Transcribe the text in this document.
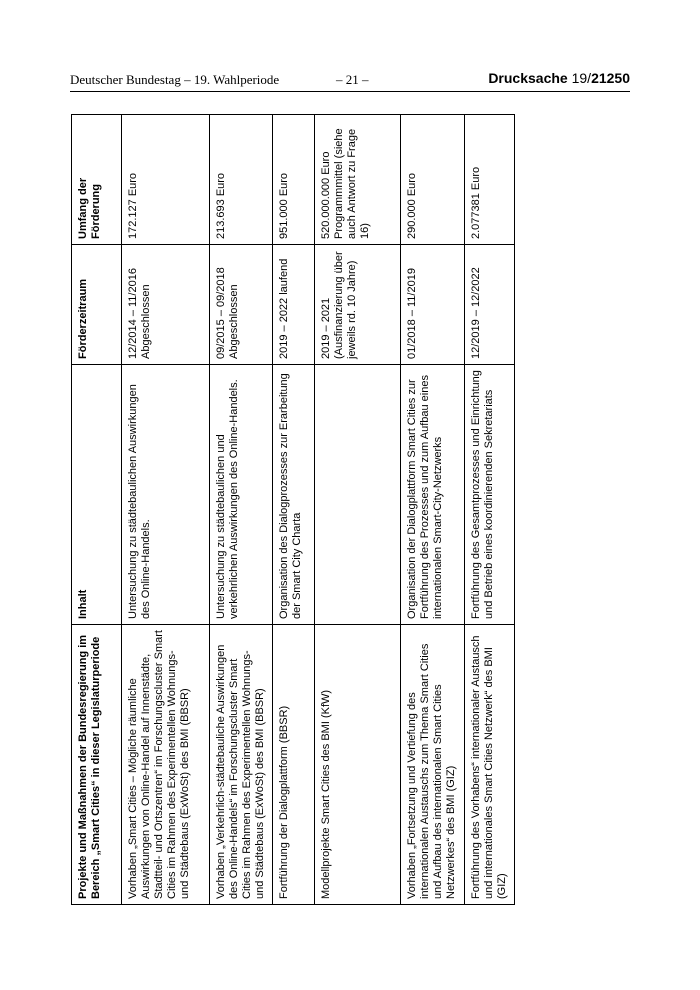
Deutscher Bundestag – 19. Wahlperiode	– 21 –	Drucksache 19/21250
Projekte und Maßnahmen der Bundesregierung im Bereich „Smart Cities“ in dieser Legislaturperiode	Inhalt	Förderzeitraum	Umfang der Förderung
Vorhaben „Smart Cities – Mögliche räumliche Auswirkungen von Online-Handel auf Innenstädte, Stadtteil- und Ortszentren“ im Forschungscluster Smart Cities im Rahmen des Experimentellen Wohnungs- und Städtebaus (ExWoSt) des BMI (BBSR)	Untersuchung zu städtebaulichen Auswirkungen des Online-Handels.	12/2014 – 11/2016 Abgeschlossen	172.127 Euro
Vorhaben „Verkehrlich-städtebauliche Auswirkungen des Online-Handels“ im Forschungscluster Smart Cities im Rahmen des Experimentellen Wohnungs- und Städtebaus (ExWoSt) des BMI (BBSR)	Untersuchung zu städtebaulichen und verkehrlichen Auswirkungen des Online-Handels.	09/2015 – 09/2018 Abgeschlossen	213.693 Euro
Fortführung der Dialogplattform (BBSR)	Organisation des Dialogprozesses zur Erarbeitung der Smart City Charta	2019 – 2022 laufend	951.000 Euro
Modellprojekte Smart Cities des BMI (KfW)		2019 – 2021 (Ausfinanzierung über jeweils rd. 10 Jahre)	520.000.000 Euro Programmmittel (siehe auch Antwort zu Frage 16)
Vorhaben „Fortsetzung und Vertiefung des internationalen Austauschs zum Thema Smart Cities und Aufbau des internationalen Smart Cities Netzwerkes“ des BMI (GIZ)	Organisation der Dialogplattform Smart Cities zur Fortführung des Prozesses und zum Aufbau eines internationalen Smart-City-Netzwerks	01/2018 – 11/2019	290.000 Euro
Fortführung des Vorhabens“ internationaler Austausch und internationales Smart Cities Netzwerk“ des BMI (GIZ)	Fortführung des Gesamtprozesses und Einrichtung und Betrieb eines koordinierenden Sekretariats	12/2019 – 12/2022	2.077381 Euro
